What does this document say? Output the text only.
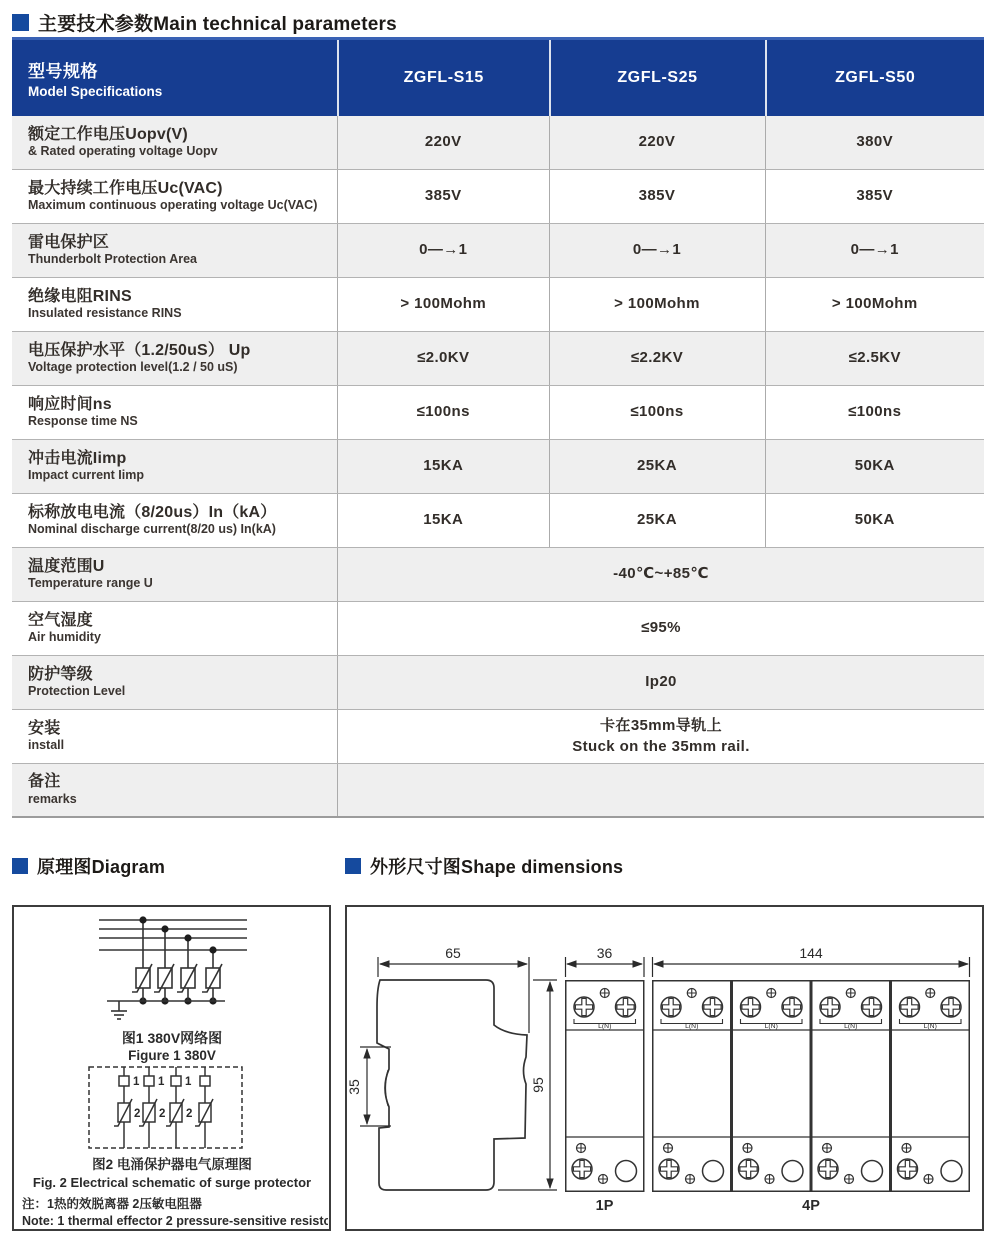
主要技术参数Main technical parameters
型号规格
Model Specifications
ZGFL-S15	ZGFL-S25	ZGFL-S50
额定工作电压Uopv(V)
& Rated operating voltage Uopv
220V	220V	380V
最大持续工作电压Uc(VAC)
Maximum continuous operating voltage Uc(VAC)
385V	385V	385V
雷电保护区
Thunderbolt Protection Area
0—→1	0—→1	0—→1
绝缘电阻RINS
Insulated resistance RINS
> 100Mohm	> 100Mohm	> 100Mohm
电压保护水平（1.2/50uS） Up
Voltage protection level(1.2 / 50 uS)
≤2.0KV	≤2.2KV	≤2.5KV
响应时间ns
Response time NS
≤100ns	≤100ns	≤100ns
冲击电流Iimp
Impact current Iimp
15KA	25KA	50KA
标称放电电流（8/20us）In（kA）
Nominal discharge current(8/20 us) In(kA)
15KA	25KA	50KA
温度范围U
Temperature range U
-40℃~+85℃
空气湿度
Air humidity
≤95%
防护等级
Protection Level
Ip20
安装
install
卡在35mm导轨上
Stuck on the 35mm rail.
备注
remarks
原理图Diagram	外形尺寸图Shape dimensions
图1 380V网络图
Figure 1 380V
1 1 1
2 2 2
图2 电涌保护器电气原理图
Fig. 2 Electrical schematic of surge protector
注：1热的效脱离器 2压敏电阻器
Note: 1 thermal effector 2 pressure-sensitive resistor
L(N)	65
35	95
36
1P
144
4P
